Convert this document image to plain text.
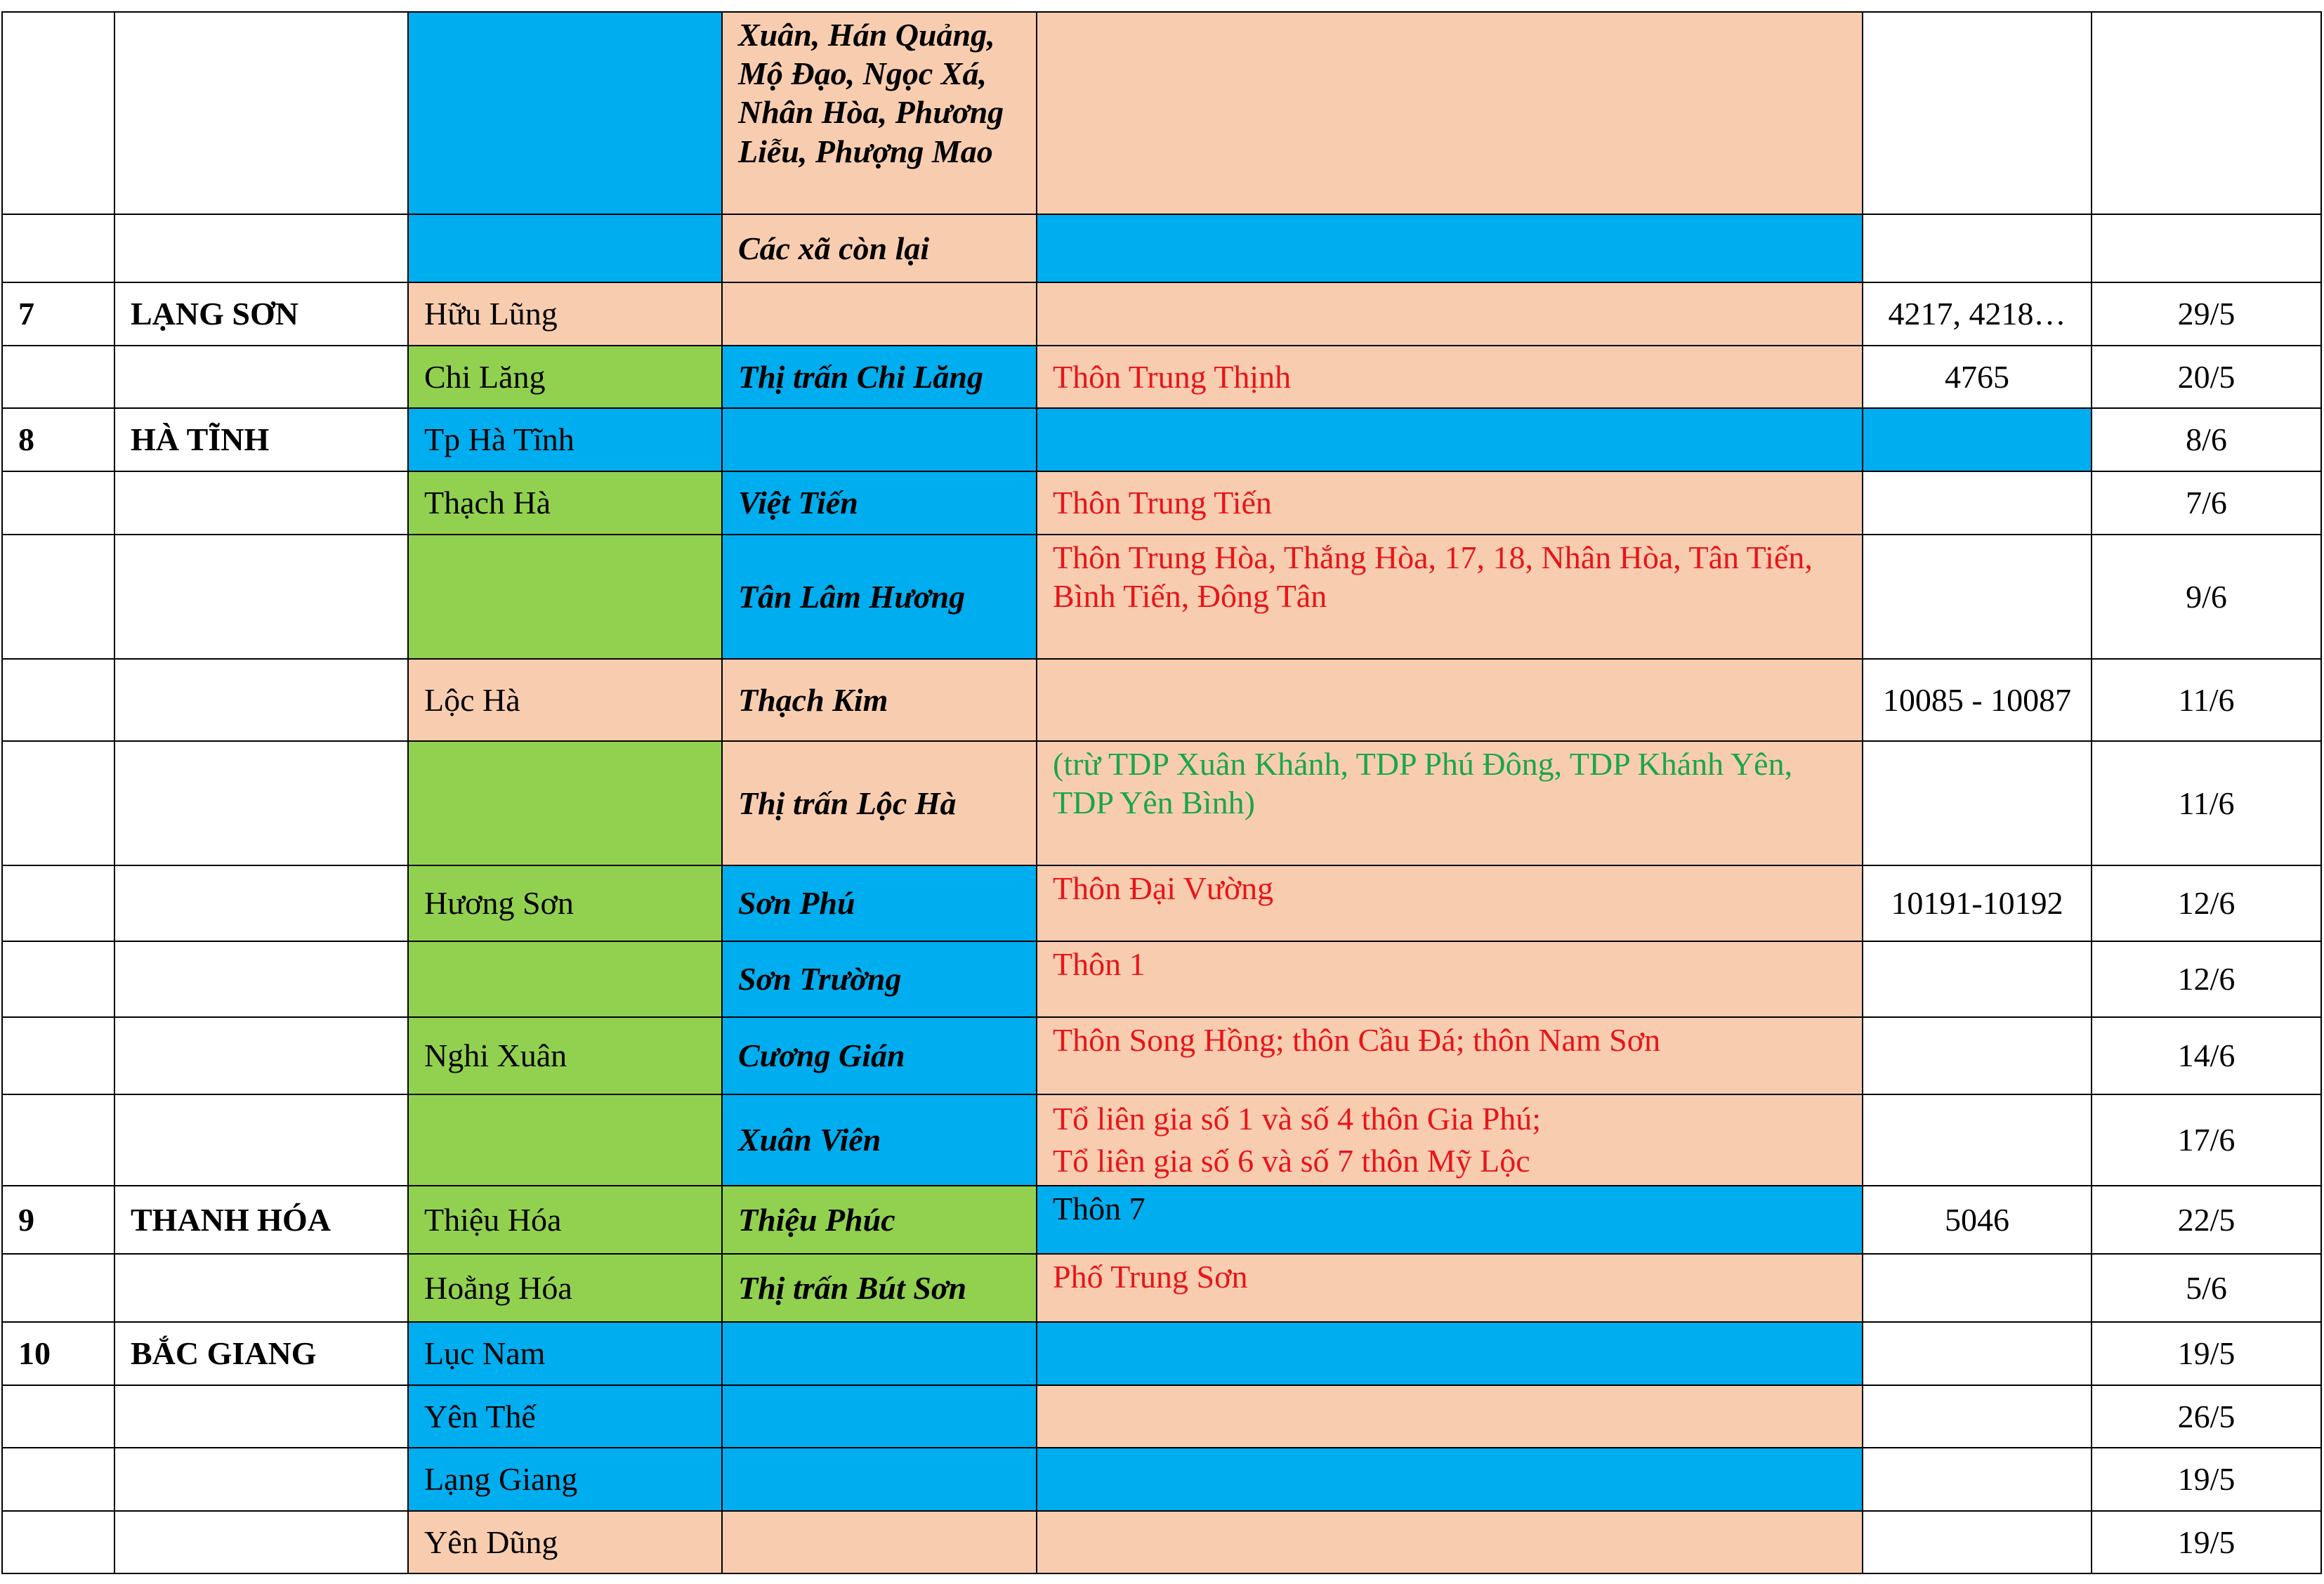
			Xuân, Hán Quảng, Mộ Đạo, Ngọc Xá, Nhân Hòa, Phương Liễu, Phượng Mao			
			Các xã còn lại			
7	LẠNG SƠN	Hữu Lũng			4217, 4218…	29/5
		Chi Lăng	Thị trấn Chi Lăng	Thôn Trung Thịnh	4765	20/5
8	HÀ TĨNH	Tp Hà Tĩnh				8/6
		Thạch Hà	Việt Tiến	Thôn Trung Tiến		7/6
			Tân Lâm Hương	Thôn Trung Hòa, Thắng Hòa, 17, 18, Nhân Hòa, Tân Tiến, Bình Tiến, Đông Tân		9/6
		Lộc Hà	Thạch Kim		10085 - 10087	11/6
			Thị trấn Lộc Hà	(trừ TDP Xuân Khánh, TDP Phú Đông, TDP Khánh Yên, TDP Yên Bình)		11/6
		Hương Sơn	Sơn Phú	Thôn Đại Vường	10191-10192	12/6
			Sơn Trường	Thôn 1		12/6
		Nghi Xuân	Cương Gián	Thôn Song Hồng; thôn Cầu Đá; thôn Nam Sơn		14/6
			Xuân Viên	Tổ liên gia số 1 và số 4 thôn Gia Phú;
Tổ liên gia số 6 và số 7 thôn Mỹ Lộc		17/6
9	THANH HÓA	Thiệu Hóa	Thiệu Phúc	Thôn 7	5046	22/5
		Hoằng Hóa	Thị trấn Bút Sơn	Phố Trung Sơn		5/6
10	BẮC GIANG	Lục Nam				19/5
		Yên Thế				26/5
		Lạng Giang				19/5
		Yên Dũng				19/5
